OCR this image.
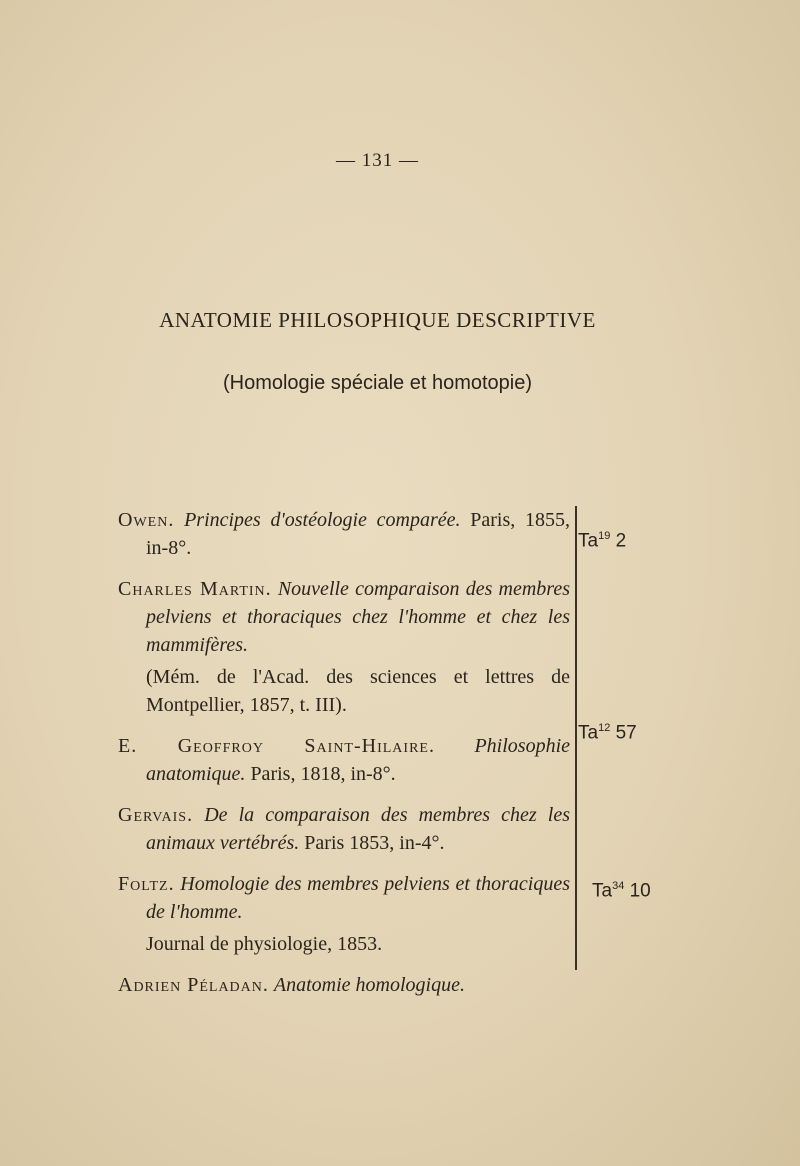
— 131 —
ANATOMIE PHILOSOPHIQUE DESCRIPTIVE
(Homologie spéciale et homotopie)
Owen. Principes d'ostéologie comparée. Paris, 1855, in-8°.
Charles Martin. Nouvelle comparaison des membres pelviens et thoraciques chez l'homme et chez les mammifères.
(Mém. de l'Acad. des sciences et lettres de Montpellier, 1857, t. III).
E. Geoffroy Saint-Hilaire. Philosophie anatomique. Paris, 1818, in-8°.
Gervais. De la comparaison des membres chez les animaux vertébrés. Paris 1853, in-4°.
Foltz. Homologie des membres pelviens et thoraciques de l'homme.
Journal de physiologie, 1853.
Adrien Péladan. Anatomie homologique.
Ta$^{19}$ 2
Ta$^{12}$ 57
Ta$^{34}$ 10
